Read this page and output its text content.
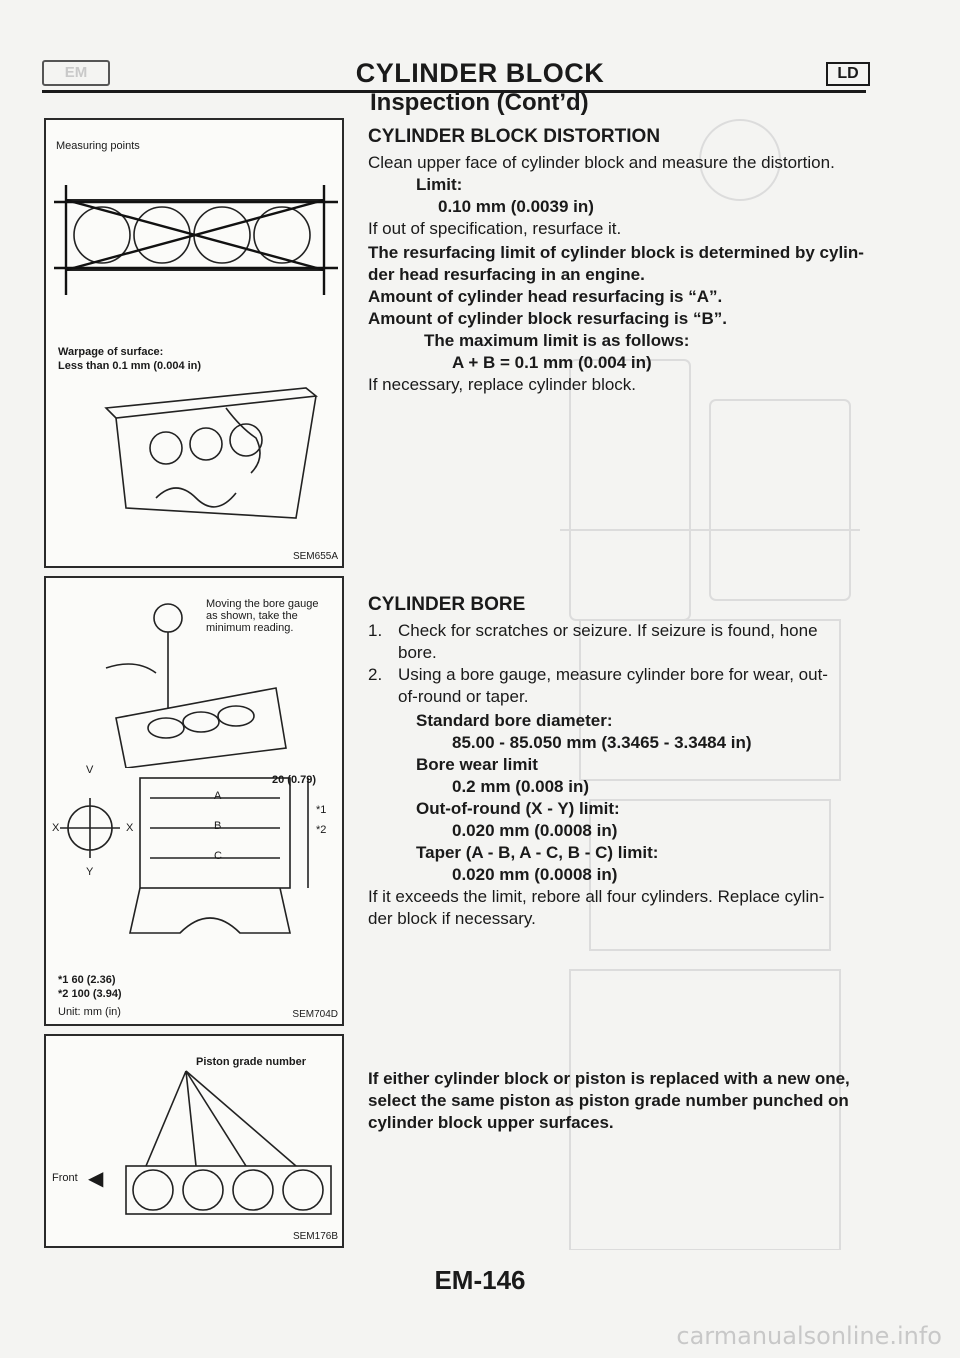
EM	CYLINDER BLOCK	LD
Inspection (Cont’d)
Measuring points
Warpage of surface:
Less than 0.1 mm (0.004 in)
SEM655A
Moving the bore gauge
as shown, take the
minimum reading.
V
X	X
Y
A
B
C
20 (0.79)
*1
*2
*1 60 (2.36)
*2 100 (3.94)
Unit: mm (in)	SEM704D
Piston grade number
Front ◀
SEM176B
CYLINDER BLOCK DISTORTION
Clean upper face of cylinder block and measure the distortion.
Limit:
0.10 mm (0.0039 in)
If out of specification, resurface it.
The resurfacing limit of cylinder block is determined by cylin-
der head resurfacing in an engine.
Amount of cylinder head resurfacing is “A”.
Amount of cylinder block resurfacing is “B”.
The maximum limit is as follows:
A + B = 0.1 mm (0.004 in)
If necessary, replace cylinder block.
CYLINDER BORE
1. Check for scratches or seizure. If seizure is found, hone
bore.
2. Using a bore gauge, measure cylinder bore for wear, out-
of-round or taper.
Standard bore diameter:
85.00 - 85.050 mm (3.3465 - 3.3484 in)
Bore wear limit
0.2 mm (0.008 in)
Out-of-round (X - Y) limit:
0.020 mm (0.0008 in)
Taper (A - B, A - C, B - C) limit:
0.020 mm (0.0008 in)
If it exceeds the limit, rebore all four cylinders. Replace cylin-
der block if necessary.
If either cylinder block or piston is replaced with a new one,
select the same piston as piston grade number punched on
cylinder block upper surfaces.
EM-146
carmanualsonline.info
